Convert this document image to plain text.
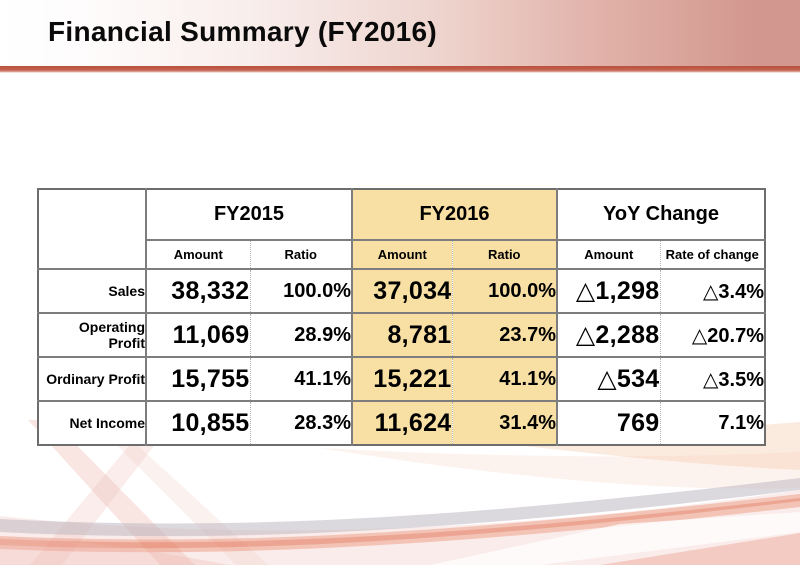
Financial Summary (FY2016)
	FY2015		FY2016		YoY Change	
	Amount	Ratio	Amount	Ratio	Amount	Rate of change
Sales	38,332	100.0%	37,034	100.0%	△1,298	△3.4%
Operating Profit	11,069	28.9%	8,781	23.7%	△2,288	△20.7%
Ordinary Profit	15,755	41.1%	15,221	41.1%	△534	△3.5%
Net Income	10,855	28.3%	11,624	31.4%	769	7.1%
